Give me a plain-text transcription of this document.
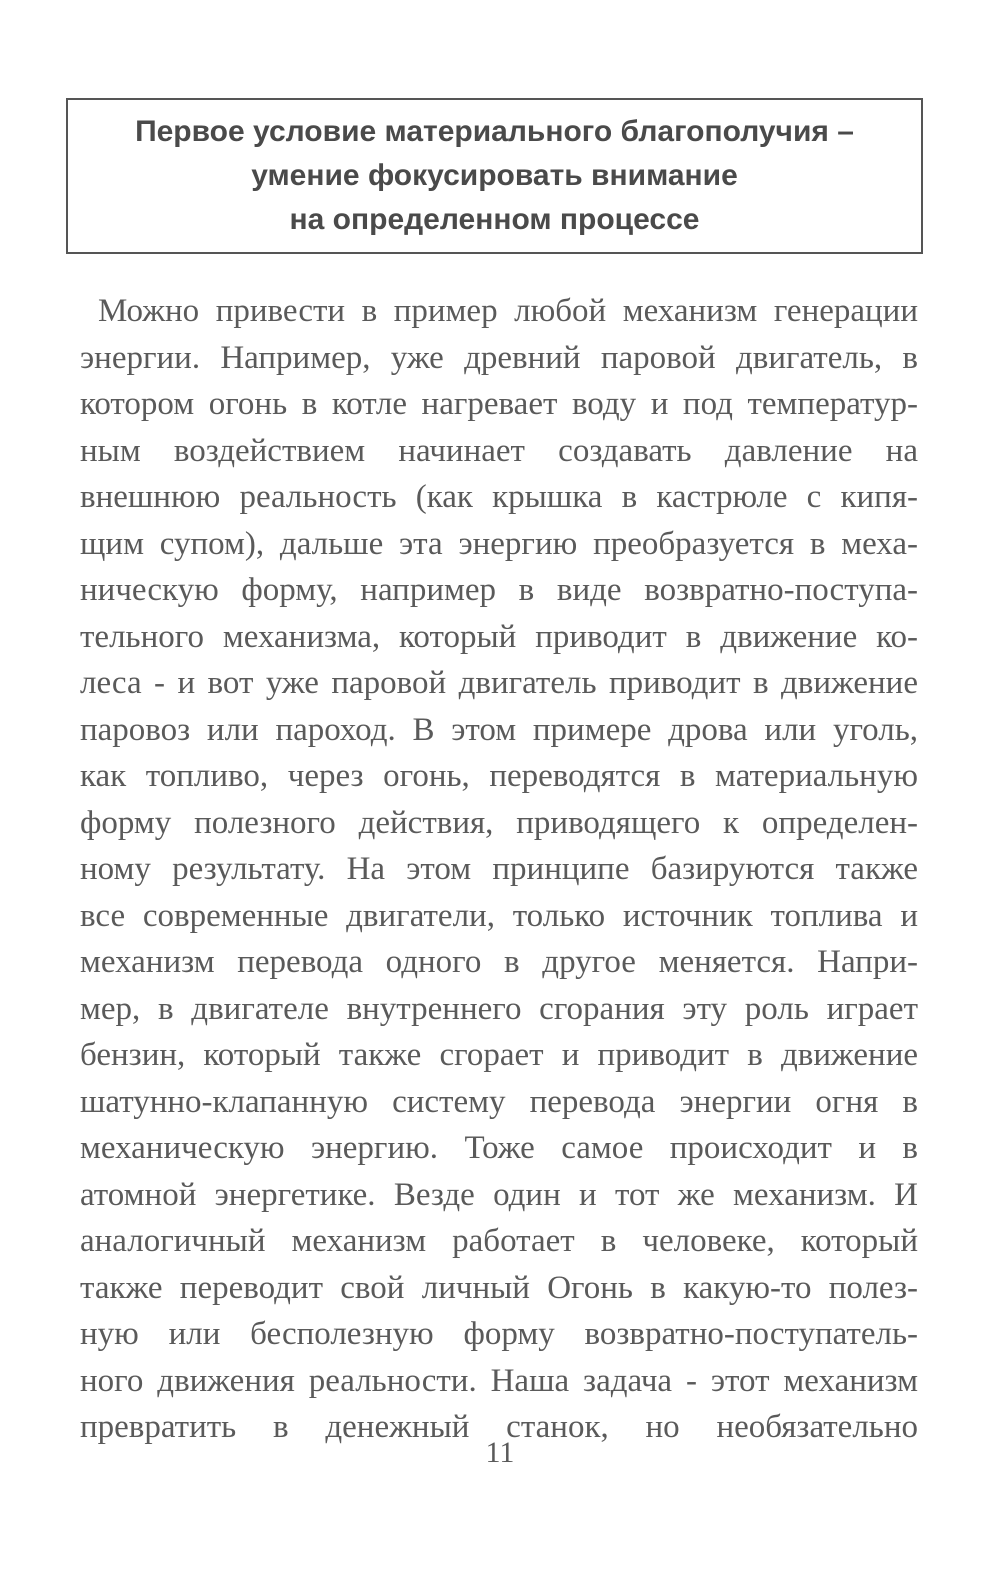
Первое условие материального благополучия –
умение фокусировать внимание
на определенном процессе
Можно привести в пример любой механизм генерации
энергии. Например, уже древний паровой двигатель, в
котором огонь в котле нагревает воду и под температур-
ным воздействием начинает создавать давление на
внешнюю реальность (как крышка в кастрюле с кипя-
щим супом), дальше эта энергию преобразуется в меха-
ническую форму, например в виде возвратно-поступа-
тельного механизма, который приводит в движение ко-
леса - и вот уже паровой двигатель приводит в движение
паровоз или пароход. В этом примере дрова или уголь,
как топливо, через огонь, переводятся в материальную
форму полезного действия, приводящего к определен-
ному результату. На этом принципе базируются также
все современные двигатели, только источник топлива и
механизм перевода одного в другое меняется. Напри-
мер, в двигателе внутреннего сгорания эту роль играет
бензин, который также сгорает и приводит в движение
шатунно-клапанную систему перевода энергии огня в
механическую энергию. Тоже самое происходит и в
атомной энергетике. Везде один и тот же механизм. И
аналогичный механизм работает в человеке, который
также переводит свой личный Огонь в какую-то полез-
ную или бесполезную форму возвратно-поступатель-
ного движения реальности. Наша задача - этот механизм
превратить в денежный станок, но необязательно
11
